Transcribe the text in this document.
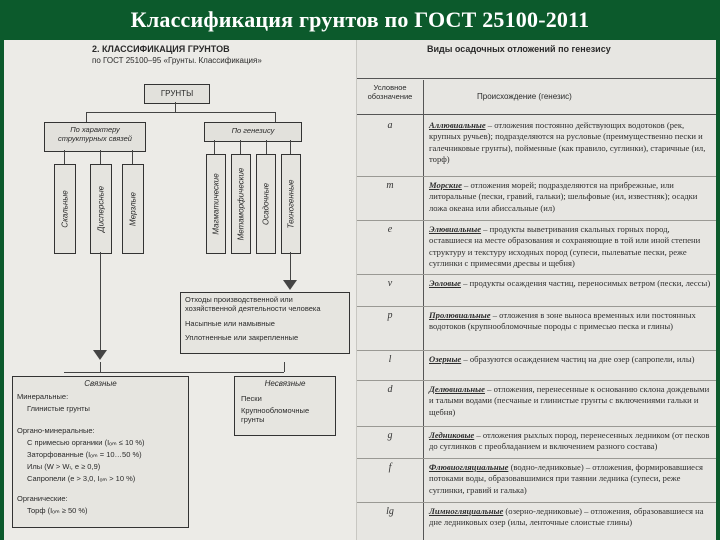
Классификация грунтов по ГОСТ 25100-2011
2. КЛАССИФИКАЦИЯ ГРУНТОВ
по ГОСТ 25100–95 «Грунты. Классификация»
ГРУНТЫ
По характеру структурных связей
По генезису
Скальные	Дисперсные	Мерзлые	Магматические Метаморфические Осадочные Техногенные
Отходы производственной или хозяйственной деятельности человека
Насыпные или намывные
Уплотненные или закрепленные
Связные
Минеральные:
Глинистые грунты
Органо-минеральные:
С примесью органики (Iₒₘ ≤ 10 %)
Заторфованные (Iₒₘ = 10…50 %)
Илы (W > Wₗ, e ≥ 0,9)
Сапропели (e > 3,0, Iₒₘ > 10 %)
Органические:
Торф (Iₒₘ ≥ 50 %)
Несвязные
Пески
Крупнообломочные грунты
Виды осадочных отложений по генезису
Условное обозначение	Происхождение (генезис)
a	Аллювиальные – отложения постоянно действующих водотоков (рек, крупных ручьев); подразделяются на русловые (преимущественно пески и галечниковые грунты), пойменные (как правило, суглинки), старичные (ил, торф)
m	Морские – отложения морей; подразделяются на прибрежные, или литоральные (пески, гравий, гальки); шельфовые (ил, известняк); осадки ложа океана или абиссальные (ил)
e	Элювиальные – продукты выветривания скальных горных пород, оставшиеся на месте образования и сохраняющие в той или иной степени структуру и текстуру исходных пород (супеси, пылеватые пески, реже суглинки с примесями дресвы и щебня)
v	Эоловые – продукты осаждения частиц, переносимых ветром (пески, лессы)
p	Пролювиальные – отложения в зоне выноса временных или постоянных водотоков (крупнообломочные породы с примесью песка и глины)
l	Озерные – образуются осаждением частиц на дне озер (сапропели, илы)
d	Делювиальные – отложения, перенесенные к основанию склона дождевыми и талыми водами (песчаные и глинистые грунты с включениями гальки и щебня)
g	Ледниковые – отложения рыхлых пород, перенесенных ледником (от песков до суглинков с преобладанием и включением разного состава)
f	Флювиогляциальные (водно-ледниковые) – отложения, формировавшиеся потоками воды, образовавшимися при таянии ледника (супеси, реже суглинки, гравий и галька)
lg	Лимногляциальные (озерно-ледниковые) – отложения, образовавшиеся на дне ледниковых озер (илы, ленточные слоистые глины)
